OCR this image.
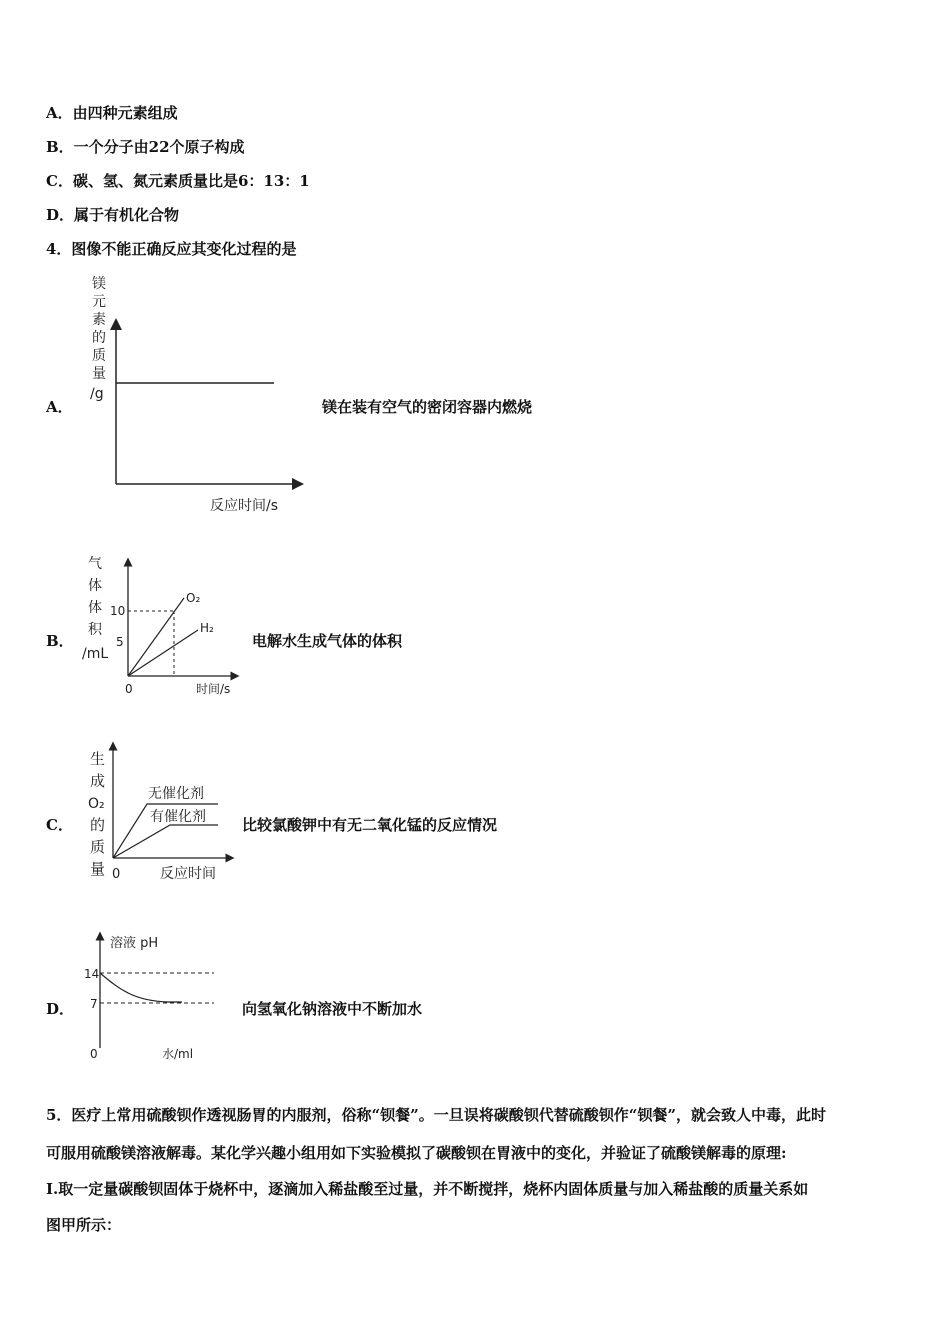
A．由四种元素组成
B．一个分子由22个原子构成
C．碳、氢、氮元素质量比是6：13：1
D．属于有机化合物
4．图像不能正确反应其变化过程的是
A．
镁
元
素
的
质
量
/g
反应时间/s
镁在装有空气的密闭容器内燃烧
B．
气
体
体
积
/mL
10
5
O₂
H₂
0	时间/s
电解水生成气体的体积
C．
生
成
O₂
的
质
量
无催化剂
有催化剂
0	反应时间
比较氯酸钾中有无二氧化锰的反应情况
D．
溶液 pH
14
7
0	水/ml
向氢氧化钠溶液中不断加水
5．医疗上常用硫酸钡作透视肠胃的内服剂，俗称“钡餐”。一旦误将碳酸钡代替硫酸钡作“钡餐”，就会致人中毒，此时
可服用硫酸镁溶液解毒。某化学兴趣小组用如下实验模拟了碳酸钡在胃液中的变化，并验证了硫酸镁解毒的原理:
I.取一定量碳酸钡固体于烧杯中，逐滴加入稀盐酸至过量，并不断搅拌，烧杯内固体质量与加入稀盐酸的质量关系如
图甲所示：
